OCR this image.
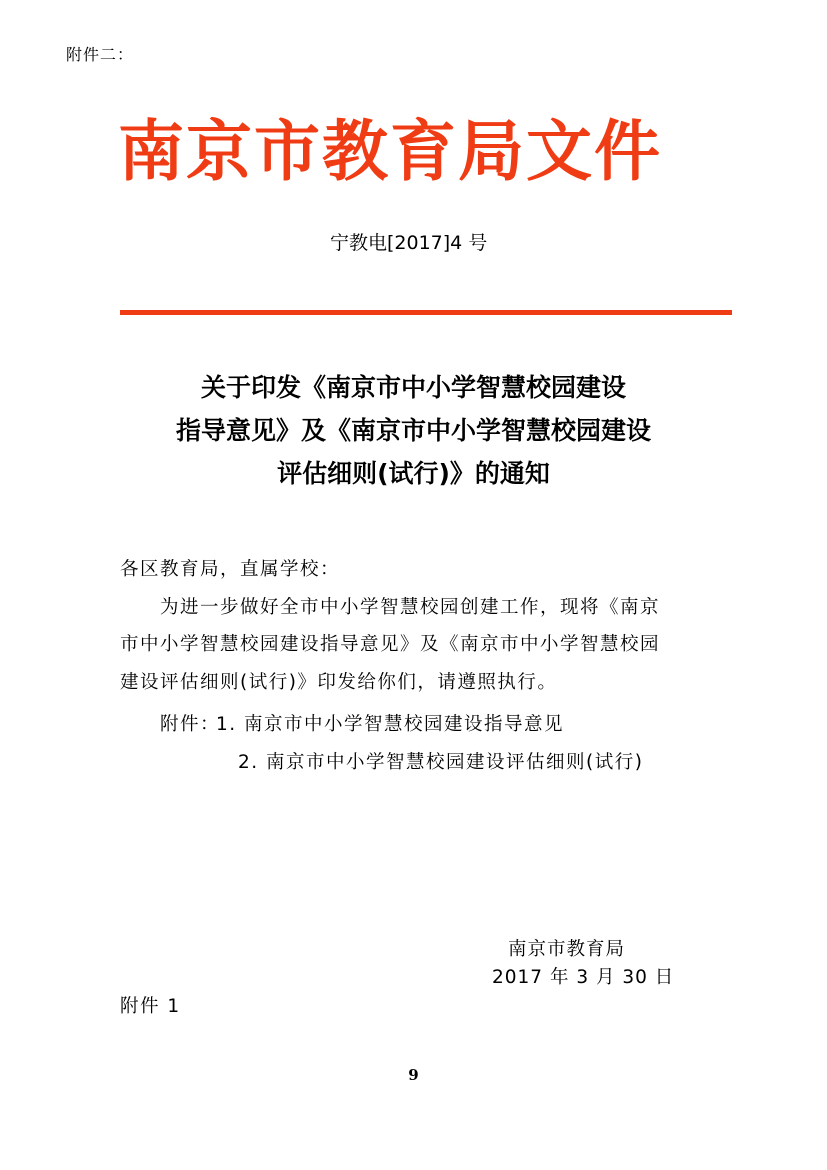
附件二：
南京市教育局文件
宁教电[2017]4 号
关于印发《南京市中小学智慧校园建设
指导意见》及《南京市中小学智慧校园建设
评估细则(试行)》的通知
各区教育局，直属学校：
为进一步做好全市中小学智慧校园创建工作，现将《南京
市中小学智慧校园建设指导意见》及《南京市中小学智慧校园
建设评估细则(试行)》印发给你们，请遵照执行。
附件：
1. 南京市中小学智慧校园建设指导意见
2. 南京市中小学智慧校园建设评估细则(试行)
南京市教育局
2017 年 3 月 30 日
附件 1
9
